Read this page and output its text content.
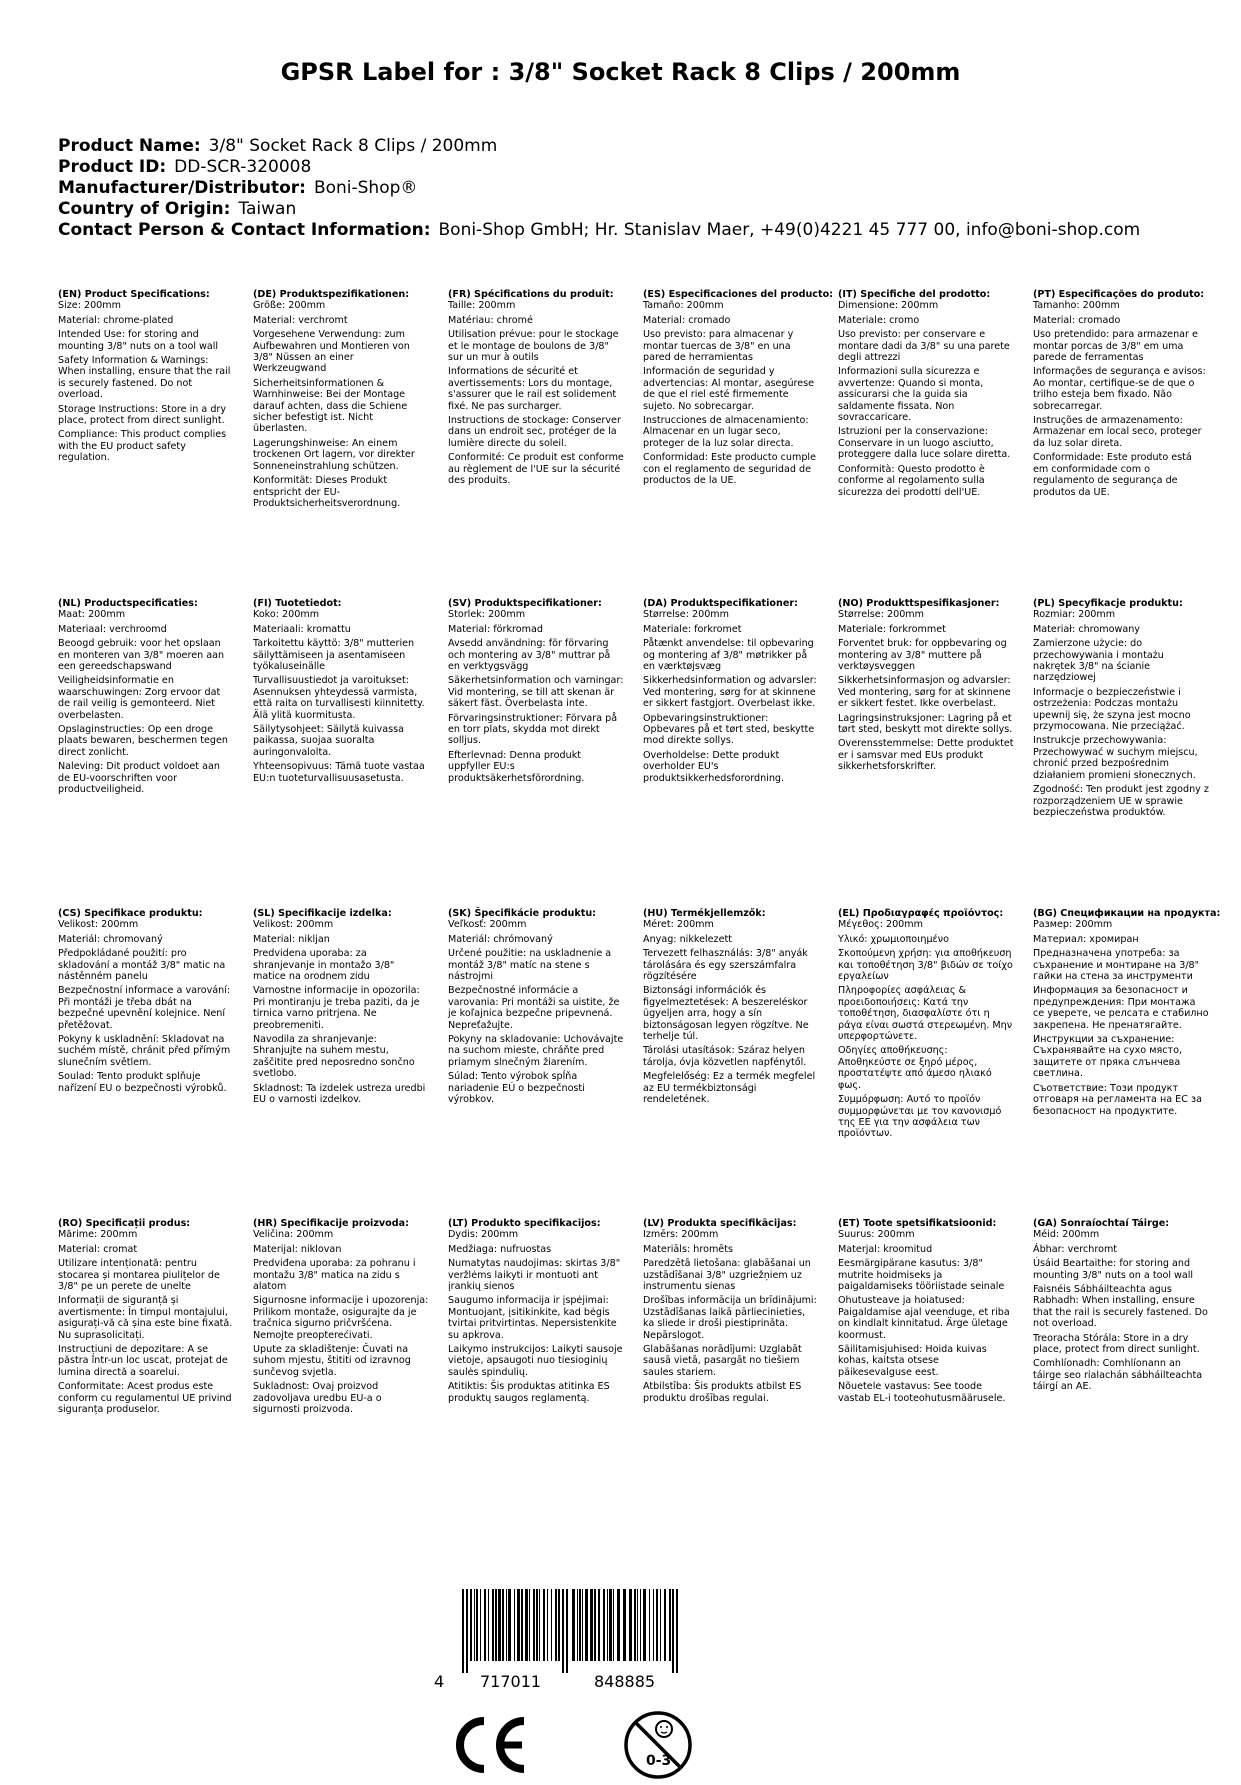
GPSR Label for : 3/8" Socket Rack 8 Clips / 200mm
Product Name: 3/8" Socket Rack 8 Clips / 200mm
Product ID: DD-SCR-320008
Manufacturer/Distributor: Boni-Shop®
Country of Origin: Taiwan
Contact Person & Contact Information: Boni-Shop GmbH; Hr. Stanislav Maer, +49(0)4221 45 777 00, info@boni-shop.com
(EN) Product Specifications:
Size: 200mm
Material: chrome-plated
Intended Use: for storing and mounting 3/8" nuts on a tool wall
Safety Information & Warnings: When installing, ensure that the rail is securely fastened. Do not overload.
Storage Instructions: Store in a dry place, protect from direct sunlight.
Compliance: This product complies with the EU product safety regulation.
(DE) Produktspezifikationen:
Größe: 200mm
Material: verchromt
Vorgesehene Verwendung: zum Aufbewahren und Montieren von 3/8" Nüssen an einer Werkzeugwand
Sicherheitsinformationen & Warnhinweise: Bei der Montage darauf achten, dass die Schiene sicher befestigt ist. Nicht überlasten.
Lagerungshinweise: An einem trockenen Ort lagern, vor direkter Sonneneinstrahlung schützen.
Konformität: Dieses Produkt entspricht der EU-Produktsicherheitsverordnung.
(FR) Spécifications du produit:
Taille: 200mm
Matériau: chromé
Utilisation prévue: pour le stockage et le montage de boulons de 3/8" sur un mur à outils
Informations de sécurité et avertissements: Lors du montage, s'assurer que le rail est solidement fixé. Ne pas surcharger.
Instructions de stockage: Conserver dans un endroit sec, protéger de la lumière directe du soleil.
Conformité: Ce produit est conforme au règlement de l'UE sur la sécurité des produits.
(ES) Especificaciones del producto:
Tamaño: 200mm
Material: cromado
Uso previsto: para almacenar y montar tuercas de 3/8" en una pared de herramientas
Información de seguridad y advertencias: Al montar, asegúrese de que el riel esté firmemente sujeto. No sobrecargar.
Instrucciones de almacenamiento: Almacenar en un lugar seco, proteger de la luz solar directa.
Conformidad: Este producto cumple con el reglamento de seguridad de productos de la UE.
(IT) Specifiche del prodotto:
Dimensione: 200mm
Materiale: cromo
Uso previsto: per conservare e montare dadi da 3/8" su una parete degli attrezzi
Informazioni sulla sicurezza e avvertenze: Quando si monta, assicurarsi che la guida sia saldamente fissata. Non sovraccaricare.
Istruzioni per la conservazione: Conservare in un luogo asciutto, proteggere dalla luce solare diretta.
Conformità: Questo prodotto è conforme al regolamento sulla sicurezza dei prodotti dell'UE.
(PT) Especificações do produto:
Tamanho: 200mm
Material: cromado
Uso pretendido: para armazenar e montar porcas de 3/8" em uma parede de ferramentas
Informações de segurança e avisos: Ao montar, certifique-se de que o trilho esteja bem fixado. Não sobrecarregar.
Instruções de armazenamento: Armazenar em local seco, proteger da luz solar direta.
Conformidade: Este produto está em conformidade com o regulamento de segurança de produtos da UE.
(NL) Productspecificaties:
Maat: 200mm
Materiaal: verchroomd
Beoogd gebruik: voor het opslaan en monteren van 3/8" moeren aan een gereedschapswand
Veiligheidsinformatie en waarschuwingen: Zorg ervoor dat de rail veilig is gemonteerd. Niet overbelasten.
Opslaginstructies: Op een droge plaats bewaren, beschermen tegen direct zonlicht.
Naleving: Dit product voldoet aan de EU-voorschriften voor productveiligheid.
(FI) Tuotetiedot:
Koko: 200mm
Materiaali: kromattu
Tarkoitettu käyttö: 3/8" mutterien säilyttämiseen ja asentamiseen työkaluseinälle
Turvallisuustiedot ja varoitukset: Asennuksen yhteydessä varmista, että raita on turvallisesti kiinnitetty. Älä ylitä kuormitusta.
Säilytysohjeet: Säilytä kuivassa paikassa, suojaa suoralta auringonvalolta.
Yhteensopivuus: Tämä tuote vastaa EU:n tuoteturvallisuusasetusta.
(SV) Produktspecifikationer:
Storlek: 200mm
Material: förkromad
Avsedd användning: för förvaring och montering av 3/8" muttrar på en verktygsvägg
Säkerhetsinformation och varningar: Vid montering, se till att skenan är säkert fäst. Överbelasta inte.
Förvaringsinstruktioner: Förvara på en torr plats, skydda mot direkt solljus.
Efterlevnad: Denna produkt uppfyller EU:s produktsäkerhetsförordning.
(DA) Produktspecifikationer:
Størrelse: 200mm
Materiale: forkromet
Påtænkt anvendelse: til opbevaring og montering af 3/8" møtrikker på en værktøjsvæg
Sikkerhedsinformation og advarsler: Ved montering, sørg for at skinnene er sikkert fastgjort. Overbelast ikke.
Opbevaringsinstruktioner: Opbevares på et tørt sted, beskytte mod direkte sollys.
Overholdelse: Dette produkt overholder EU's produktsikkerhedsforordning.
(NO) Produkttspesifikasjoner:
Størrelse: 200mm
Materiale: forkrommet
Forventet bruk: for oppbevaring og montering av 3/8" muttere på verktøysveggen
Sikkerhetsinformasjon og advarsler: Ved montering, sørg for at skinnene er sikkert festet. Ikke overbelast.
Lagringsinstruksjoner: Lagring på et tørt sted, beskytt mot direkte sollys.
Overensstemmelse: Dette produktet er i samsvar med EUs produkt sikkerhetsforskrifter.
(PL) Specyfikacje produktu:
Rozmiar: 200mm
Materiał: chromowany
Zamierzone użycie: do przechowywania i montażu nakrętek 3/8" na ścianie narzędziowej
Informacje o bezpieczeństwie i ostrzeżenia: Podczas montażu upewnij się, że szyna jest mocno przymocowana. Nie przeciążać.
Instrukcje przechowywania: Przechowywać w suchym miejscu, chronić przed bezpośrednim działaniem promieni słonecznych.
Zgodność: Ten produkt jest zgodny z rozporządzeniem UE w sprawie bezpieczeństwa produktów.
(CS) Specifikace produktu:
Velikost: 200mm
Materiál: chromovaný
Předpokládané použití: pro skladování a montáž 3/8" matic na nástěnném panelu
Bezpečnostní informace a varování: Při montáži je třeba dbát na bezpečné upevnění kolejnice. Není přetěžovat.
Pokyny k uskladnění: Skladovat na suchém místě, chránit před přímým slunečním světlem.
Soulad: Tento produkt splňuje nařízení EU o bezpečnosti výrobků.
(SL) Specifikacije izdelka:
Velikost: 200mm
Material: nikljan
Predvidena uporaba: za shranjevanje in montažo 3/8" matice na orodnem zidu
Varnostne informacije in opozorila: Pri montiranju je treba paziti, da je tirnica varno pritrjena. Ne preobremeniti.
Navodila za shranjevanje: Shranjujte na suhem mestu, zaščitite pred neposredno sončno svetlobo.
Skladnost: Ta izdelek ustreza uredbi EU o varnosti izdelkov.
(SK) Špecifikácie produktu:
Veľkosť: 200mm
Materiál: chrómovaný
Určené použitie: na uskladnenie a montáž 3/8" matíc na stene s nástrojmi
Bezpečnostné informácie a varovania: Pri montáži sa uistite, že je koľajnica bezpečne pripevnená. Nepreťažujte.
Pokyny na skladovanie: Uchovávajte na suchom mieste, chráňte pred priamym slnečným žiarením.
Súlad: Tento výrobok spĺňa nariadenie EÚ o bezpečnosti výrobkov.
(HU) Termékjellemzők:
Méret: 200mm
Anyag: nikkelezett
Tervezett felhasználás: 3/8" anyák tárolására és egy szerszámfalra rögzítésére
Biztonsági információk és figyelmeztetések: A beszereléskor ügyeljen arra, hogy a sín biztonságosan legyen rögzítve. Ne terhelje túl.
Tárolási utasítások: Száraz helyen tárolja, óvja közvetlen napfénytől.
Megfelelőség: Ez a termék megfelel az EU termékbiztonsági rendeletének.
(EL) Προδιαγραφές προϊόντος:
Μέγεθος: 200mm
Υλικό: χρωμιοποιημένο
Σκοπούμενη χρήση: για αποθήκευση και τοποθέτηση 3/8" βιδών σε τοίχο εργαλείων
Πληροφορίες ασφάλειας & προειδοποιήσεις: Κατά την τοποθέτηση, διασφαλίστε ότι η ράγα είναι σωστά στερεωμένη. Μην υπερφορτώνετε.
Οδηγίες αποθήκευσης: Αποθηκεύστε σε ξηρό μέρος, προστατέψτε από άμεσο ηλιακό φως.
Συμμόρφωση: Αυτό το προϊόν συμμορφώνεται με τον κανονισμό της ΕΕ για την ασφάλεια των προϊόντων.
(BG) Спецификации на продукта:
Размер: 200mm
Материал: хромиран
Предназначена употреба: за съхранение и монтиране на 3/8" гайки на стена за инструменти
Информация за безопасност и предупреждения: При монтажа се уверете, че релсата е стабилно закрепена. Не пренатягайте.
Инструкции за съхранение: Съхранявайте на сухо място, защитете от пряка слънчева светлина.
Съответствие: Този продукт отговаря на регламента на ЕС за безопасност на продуктите.
(RO) Specificații produs:
Mărime: 200mm
Material: cromat
Utilizare intenționată: pentru stocarea și montarea piulițelor de 3/8" pe un perete de unelte
Informații de siguranță și avertismente: În timpul montajului, asigurați-vă că șina este bine fixată. Nu suprasolicitați.
Instrucțiuni de depozitare: A se păstra într-un loc uscat, protejat de lumina directă a soarelui.
Conformitate: Acest produs este conform cu regulamentul UE privind siguranța produselor.
(HR) Specifikacije proizvoda:
Veličina: 200mm
Materijal: niklovan
Predviđena uporaba: za pohranu i montažu 3/8" matica na zidu s alatom
Sigurnosne informacije i upozorenja: Prilikom montaže, osigurajte da je tračnica sigurno pričvršćena. Nemojte preopterećivati.
Upute za skladištenje: Čuvati na suhom mjestu, štititi od izravnog sunčevog svjetla.
Sukladnost: Ovaj proizvod zadovoljava uredbu EU-a o sigurnosti proizvoda.
(LT) Produkto specifikacijos:
Dydis: 200mm
Medžiaga: nufruostas
Numatytas naudojimas: skirtas 3/8" veržlėms laikyti ir montuoti ant įrankių sienos
Saugumo informacija ir įspėjimai: Montuojant, įsitikinkite, kad bėgis tvirtai pritvirtintas. Nepersistenkite su apkrova.
Laikymo instrukcijos: Laikyti sausoje vietoje, apsaugoti nuo tiesioginių saulės spindulių.
Atitiktis: Šis produktas atitinka ES produktų saugos reglamentą.
(LV) Produkta specifikācijas:
Izmērs: 200mm
Materiāls: hromēts
Paredzētā lietošana: glabāšanai un uzstādīšanai 3/8" uzgriežņiem uz instrumentu sienas
Drošības informācija un brīdinājumi: Uzstādīšanas laikā pārliecinieties, ka sliede ir droši piestiprināta. Nepārslogot.
Glabāšanas norādījumi: Uzglabāt sausā vietā, pasargāt no tiešiem saules stariem.
Atbilstība: Šis produkts atbilst ES produktu drošības regulai.
(ET) Toote spetsifikatsioonid:
Suurus: 200mm
Materjal: kroomitud
Eesmärgipärane kasutus: 3/8" mutrite hoidmiseks ja paigaldamiseks tööriistade seinale
Ohutusteave ja hoiatused: Paigaldamise ajal veenduge, et riba on kindlalt kinnitatud. Ärge ületage koormust.
Säilitamisjuhised: Hoida kuivas kohas, kaitsta otsese päikesevalguse eest.
Nõuetele vastavus: See toode vastab EL-i tooteohutusmäärusele.
(GA) Sonraíochtaí Táirge:
Méid: 200mm
Ábhar: verchromt
Úsáid Beartaithe: for storing and mounting 3/8" nuts on a tool wall
Faisnéis Sábháilteachta agus Rabhadh: When installing, ensure that the rail is securely fastened. Do not overload.
Treoracha Stórála: Store in a dry place, protect from direct sunlight.
Comhlíonadh: Comhlíonann an táirge seo rialachán sábháilteachta táirgí an AE.
4 717011	848885
0-3
